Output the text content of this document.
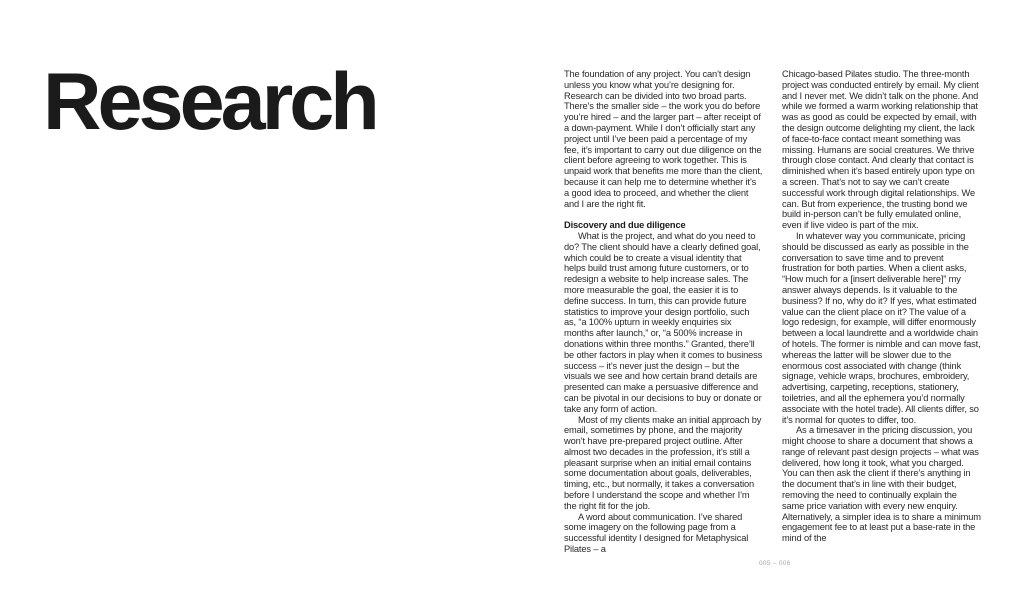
Research	The foundation of any project. You can’t design unless you know what you’re designing for. Research can be divided into two broad parts. There’s the smaller side – the work you do before you’re hired – and the larger part – after receipt of a down-payment. While I don’t officially start any project until I’ve been paid a percentage of my fee, it’s important to carry out due diligence on the client before agreeing to work together. This is unpaid work that benefits me more than the client, because it can help me to determine whether it’s a good idea to proceed, and whether the client and I are the right fit.

Discovery and due diligence

What is the project, and what do you need to do? The client should have a clearly defined goal, which could be to create a visual identity that helps build trust among future customers, or to redesign a website to help increase sales. The more measurable the goal, the easier it is to define success. In turn, this can provide future statistics to improve your design portfolio, such as, “a 100% upturn in weekly enquiries six months after launch,” or, “a 500% increase in donations within three months.” Granted, there’ll be other factors in play when it comes to business success – it’s never just the design – but the visuals we see and how certain brand details are presented can make a persuasive difference and can be pivotal in our decisions to buy or donate or take any form of action.

Most of my clients make an initial approach by email, sometimes by phone, and the majority won’t have pre-prepared project outline. After almost two decades in the profession, it’s still a pleasant surprise when an initial email contains some documentation about goals, deliverables, timing, etc., but normally, it takes a conversation before I understand the scope and whether I’m the right fit for the job.

A word about communication. I’ve shared some imagery on the following page from a successful identity I designed for Metaphysical Pilates – a

Chicago-based Pilates studio. The three-month project was conducted entirely by email. My client and I never met. We didn’t talk on the phone. And while we formed a warm working relationship that was as good as could be expected by email, with the design outcome delighting my client, the lack of face-to-face contact meant something was missing. Humans are social creatures. We thrive through close contact. And clearly that contact is diminished when it’s based entirely upon type on a screen. That’s not to say we can’t create successful work through digital relationships. We can. But from experience, the trusting bond we build in-person can’t be fully emulated online, even if live video is part of the mix.

In whatever way you communicate, pricing should be discussed as early as possible in the conversation to save time and to prevent frustration for both parties. When a client asks, “How much for a [insert deliverable here]” my answer always depends. Is it valuable to the business? If no, why do it? If yes, what estimated value can the client place on it? The value of a logo redesign, for example, will differ enormously between a local laundrette and a worldwide chain of hotels. The former is nimble and can move fast, whereas the latter will be slower due to the enormous cost associated with change (think signage, vehicle wraps, brochures, embroidery, advertising, carpeting, receptions, stationery, toiletries, and all the ephemera you’d normally associate with the hotel trade). All clients differ, so it’s normal for quotes to differ, too.

As a timesaver in the pricing discussion, you might choose to share a document that shows a range of relevant past design projects – what was delivered, how long it took, what you charged. You can then ask the client if there’s anything in the document that’s in line with their budget, removing the need to continually explain the same price variation with every new enquiry. Alternatively, a simpler idea is to share a minimum engagement fee to at least put a base-rate in the mind of the

005 – 006
